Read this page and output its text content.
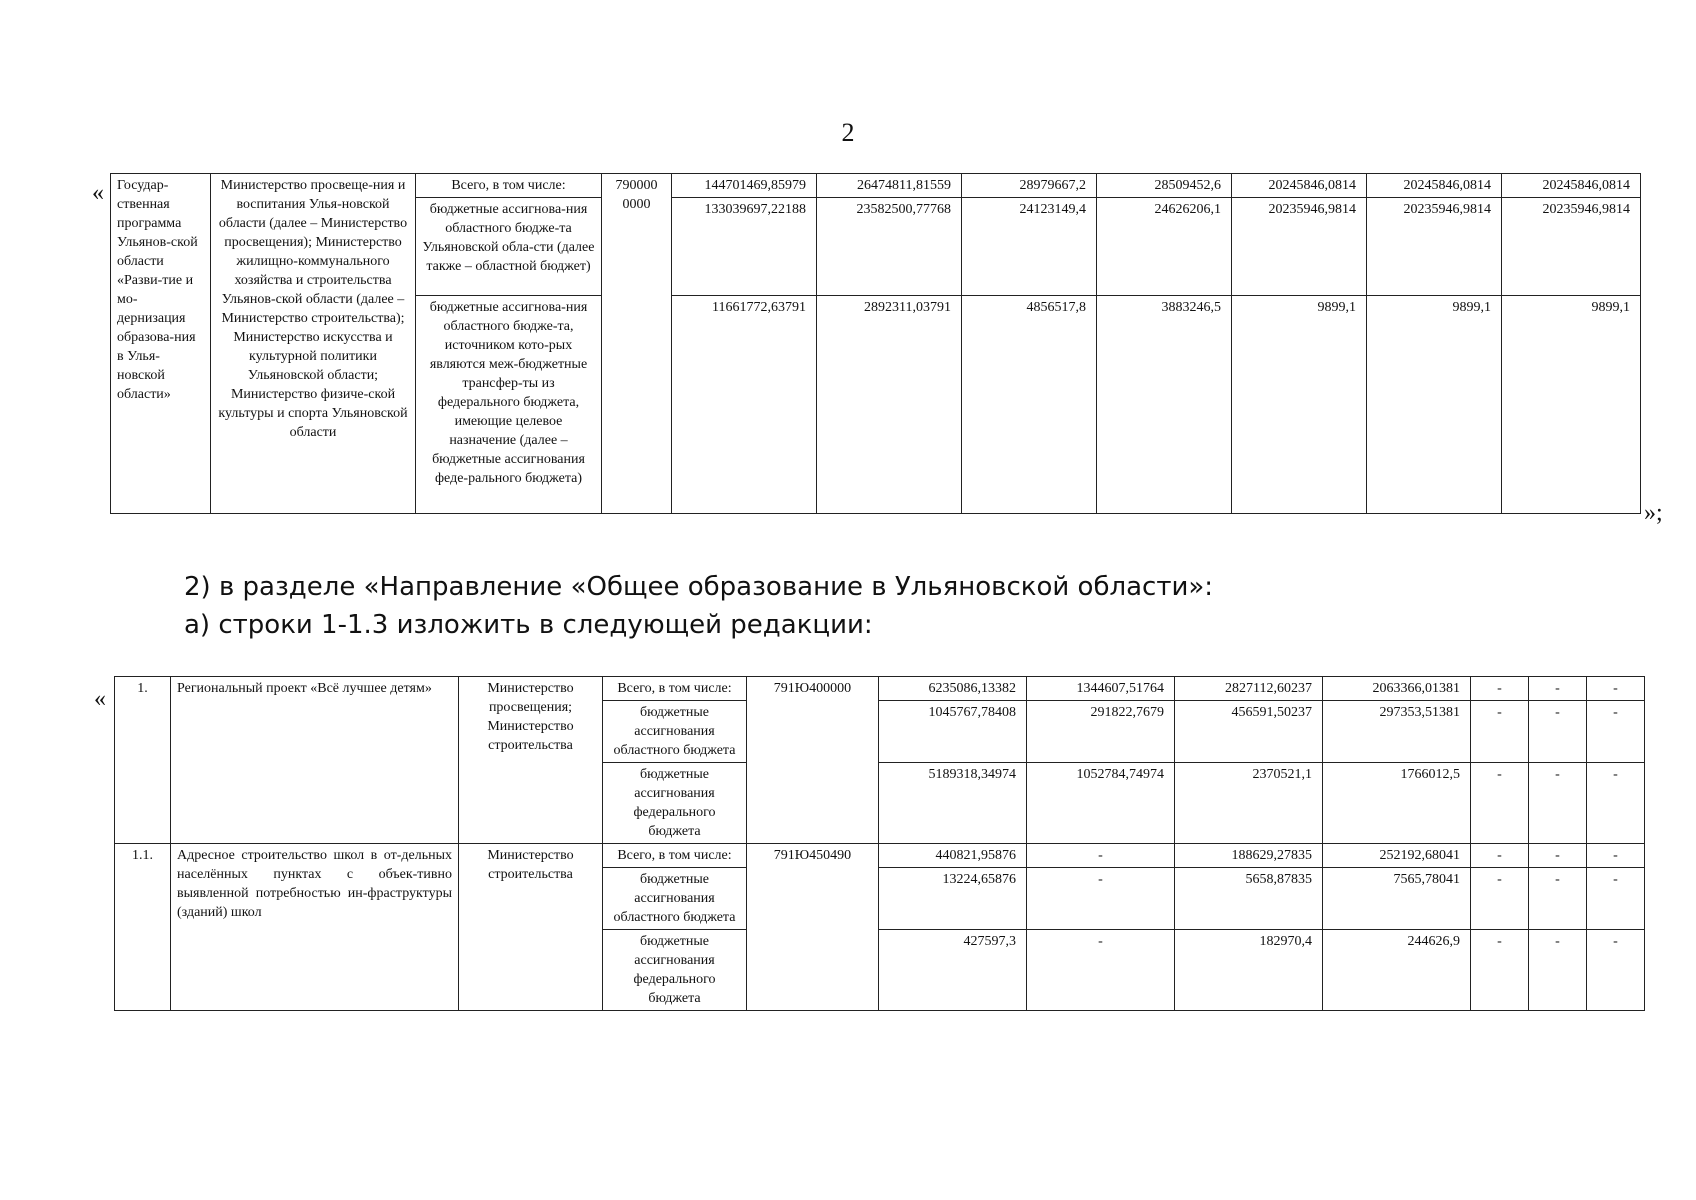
2
« Государ-ственная программа Ульянов-ской области «Разви-тие и мо-дернизация образова-ния в Улья-новской области»	Министерство просвеще-ния и воспитания Улья-новской области (далее – Министерство просвещения); Министерство жилищно-коммунального хозяйства и строительства Ульянов-ской области (далее – Министерство строительства); Министерство искусства и культурной политики Ульяновской области; Министерство физиче-ской культуры и спорта Ульяновской области	Всего, в том числе:	790000 0000	144701469,85979	26474811,81559	28979667,2	28509452,6	20245846,0814	20245846,0814	20245846,0814
		бюджетные ассигнова-ния областного бюдже-та Ульяновской обла-сти (далее также – областной бюджет)		133039697,22188	23582500,77768	24123149,4	24626206,1	20235946,9814	20235946,9814	20235946,9814
		бюджетные ассигнова-ния областного бюдже-та, источником кото-рых являются меж-бюджетные трансфер-ты из федерального бюджета, имеющие целевое назначение (далее – бюджетные ассигнования феде-рального бюджета)		11661772,63791	2892311,03791	4856517,8	3883246,5	9899,1	9899,1	9899,1
»;
2) в разделе «Направление «Общее образование в Ульяновской области»:
а) строки 1-1.3 изложить в следующей редакции:
« 1.	Региональный проект «Всё лучшее детям»	Министерство просвещения; Министерство строительства	Всего, в том числе:	791Ю400000	6235086,13382	1344607,51764	2827112,60237	2063366,01381	-	-	-
			бюджетные ассигнования областного бюджета		1045767,78408	291822,7679	456591,50237	297353,51381	-	-	-
			бюджетные ассигнования федерального бюджета		5189318,34974	1052784,74974	2370521,1	1766012,5	-	-	-
1.1.	Адресное строительство школ в от-дельных населённых пунктах с объек-тивно выявленной потребностью ин-фраструктуры (зданий) школ	Министерство строительства	Всего, в том числе:	791Ю450490	440821,95876	-	188629,27835	252192,68041	-	-	-
			бюджетные ассигнования областного бюджета		13224,65876	-	5658,87835	7565,78041	-	-	-
			бюджетные ассигнования федерального бюджета		427597,3	-	182970,4	244626,9	-	-	-
